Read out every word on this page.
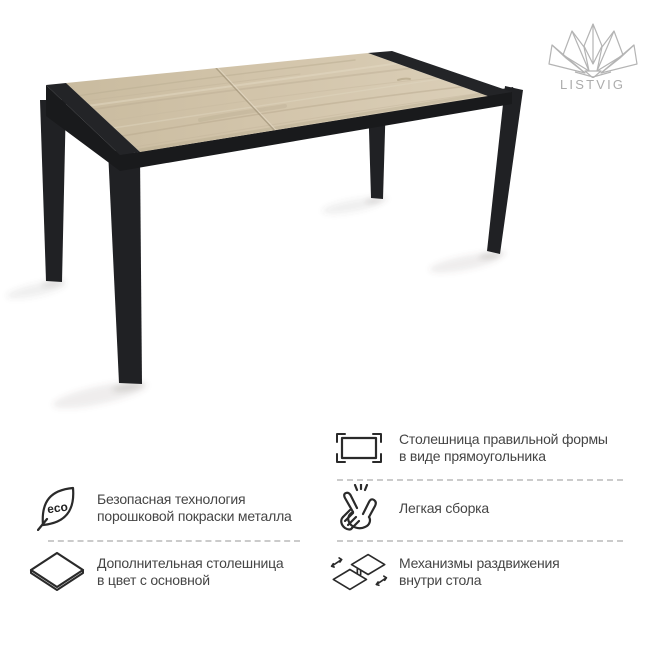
LISTVIG
Столешница правильной формы
в виде прямоугольника
eco
Безопасная технология
порошковой покраски металла
Легкая сборка
Дополнительная столешница
в цвет с основной
Механизмы раздвижения
внутри стола
